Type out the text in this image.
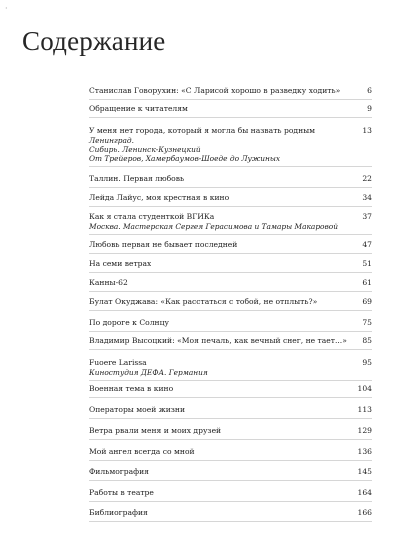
·
Содержание
Станислав Говорухин: «С Ларисой хорошо в разведку ходить»	6
Обращение к читателям	9
У меня нет города, который я могла бы назвать родным	13
Ленинград.
Сибирь. Ленинск-Кузнецкий
От Трейеров, Хамербаумов-Шоеде до Лужиных
Таллин. Первая любовь	22
Лейда Лайус, моя крестная в кино	34
Как я стала студенткой ВГИКа	37
Москва. Мастерская Сергея Герасимова и Тамары Макаровой
Любовь первая не бывает последней	47
На семи ветрах	51
Канны-62	61
Булат Окуджава: «Как расстаться с тобой, не отплыть?»	69
По дороге к Солнцу	75
Владимир Высоцкий: «Моя печаль, как вечный снег, не тает...»	85
Fuoere Larissa	95
Киностудия ДЕФА. Германия
Военная тема в кино	104
Операторы моей жизни	113
Ветра рвали меня и моих друзей	129
Мой ангел всегда со мной	136
Фильмография	145
Работы в театре	164
Библиография	166
